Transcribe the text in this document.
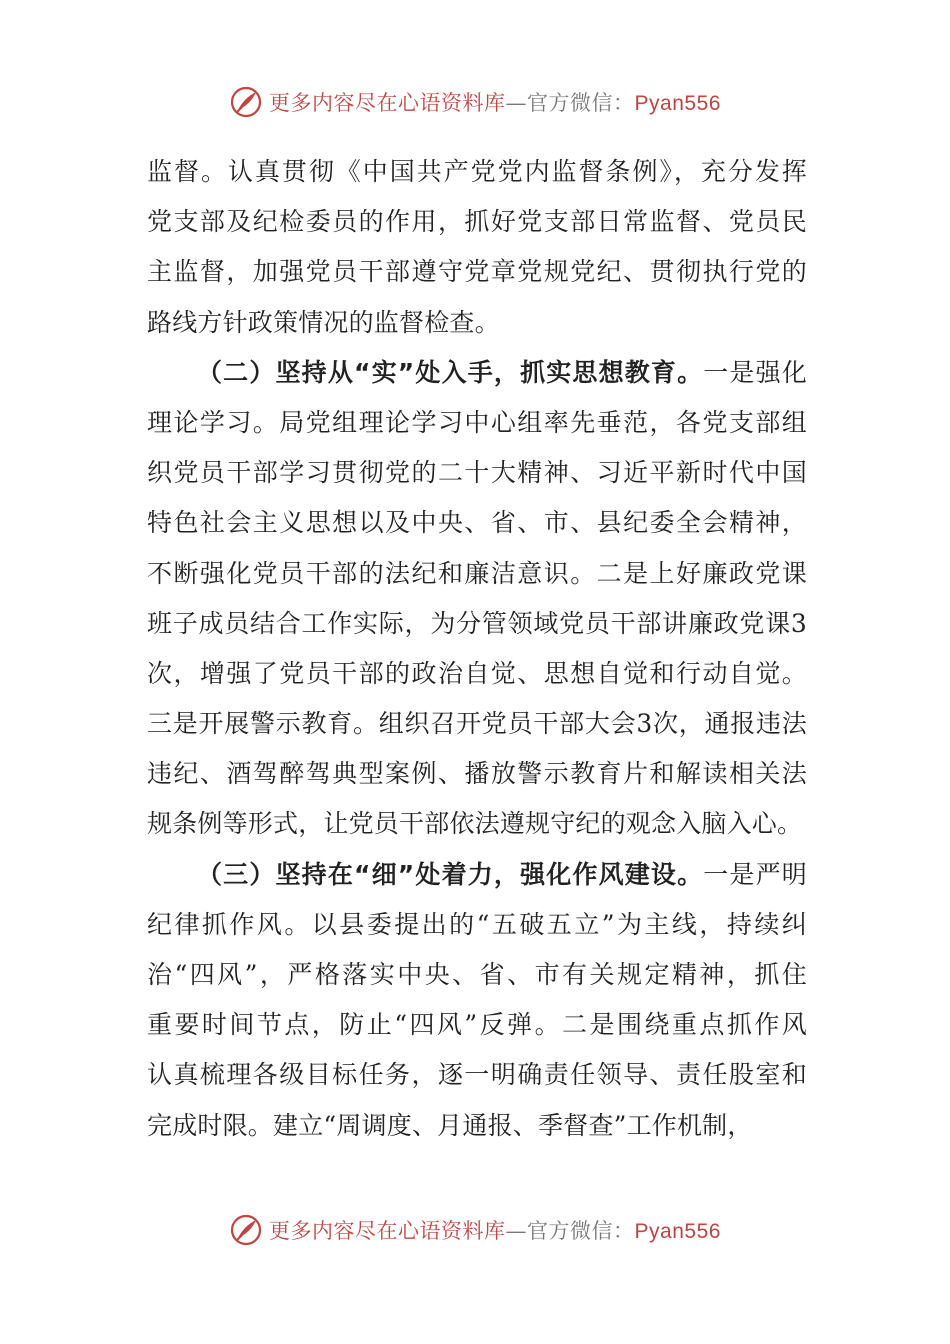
更多内容尽在心语资料库—官方微信：Pyan556
监督。认真贯彻《中国共产党党内监督条例》，充分发挥
党支部及纪检委员的作用，抓好党支部日常监督、党员民
主监督，加强党员干部遵守党章党规党纪、贯彻执行党的
路线方针政策情况的监督检查。
（二）坚持从“实”处入手，抓实思想教育。一是强化
理论学习。局党组理论学习中心组率先垂范，各党支部组
织党员干部学习贯彻党的二十大精神、习近平新时代中国
特色社会主义思想以及中央、省、市、县纪委全会精神，
不断强化党员干部的法纪和廉洁意识。二是上好廉政党课
班子成员结合工作实际，为分管领域党员干部讲廉政党课3
次，增强了党员干部的政治自觉、思想自觉和行动自觉。
三是开展警示教育。组织召开党员干部大会3次，通报违法
违纪、酒驾醉驾典型案例、播放警示教育片和解读相关法
规条例等形式，让党员干部依法遵规守纪的观念入脑入心。
（三）坚持在“细”处着力，强化作风建设。一是严明
纪律抓作风。以县委提出的“五破五立”为主线，持续纠
治“四风”，严格落实中央、省、市有关规定精神，抓住
重要时间节点，防止“四风”反弹。二是围绕重点抓作风
认真梳理各级目标任务，逐一明确责任领导、责任股室和
完成时限。建立“周调度、月通报、季督查”工作机制，
更多内容尽在心语资料库—官方微信：Pyan556
